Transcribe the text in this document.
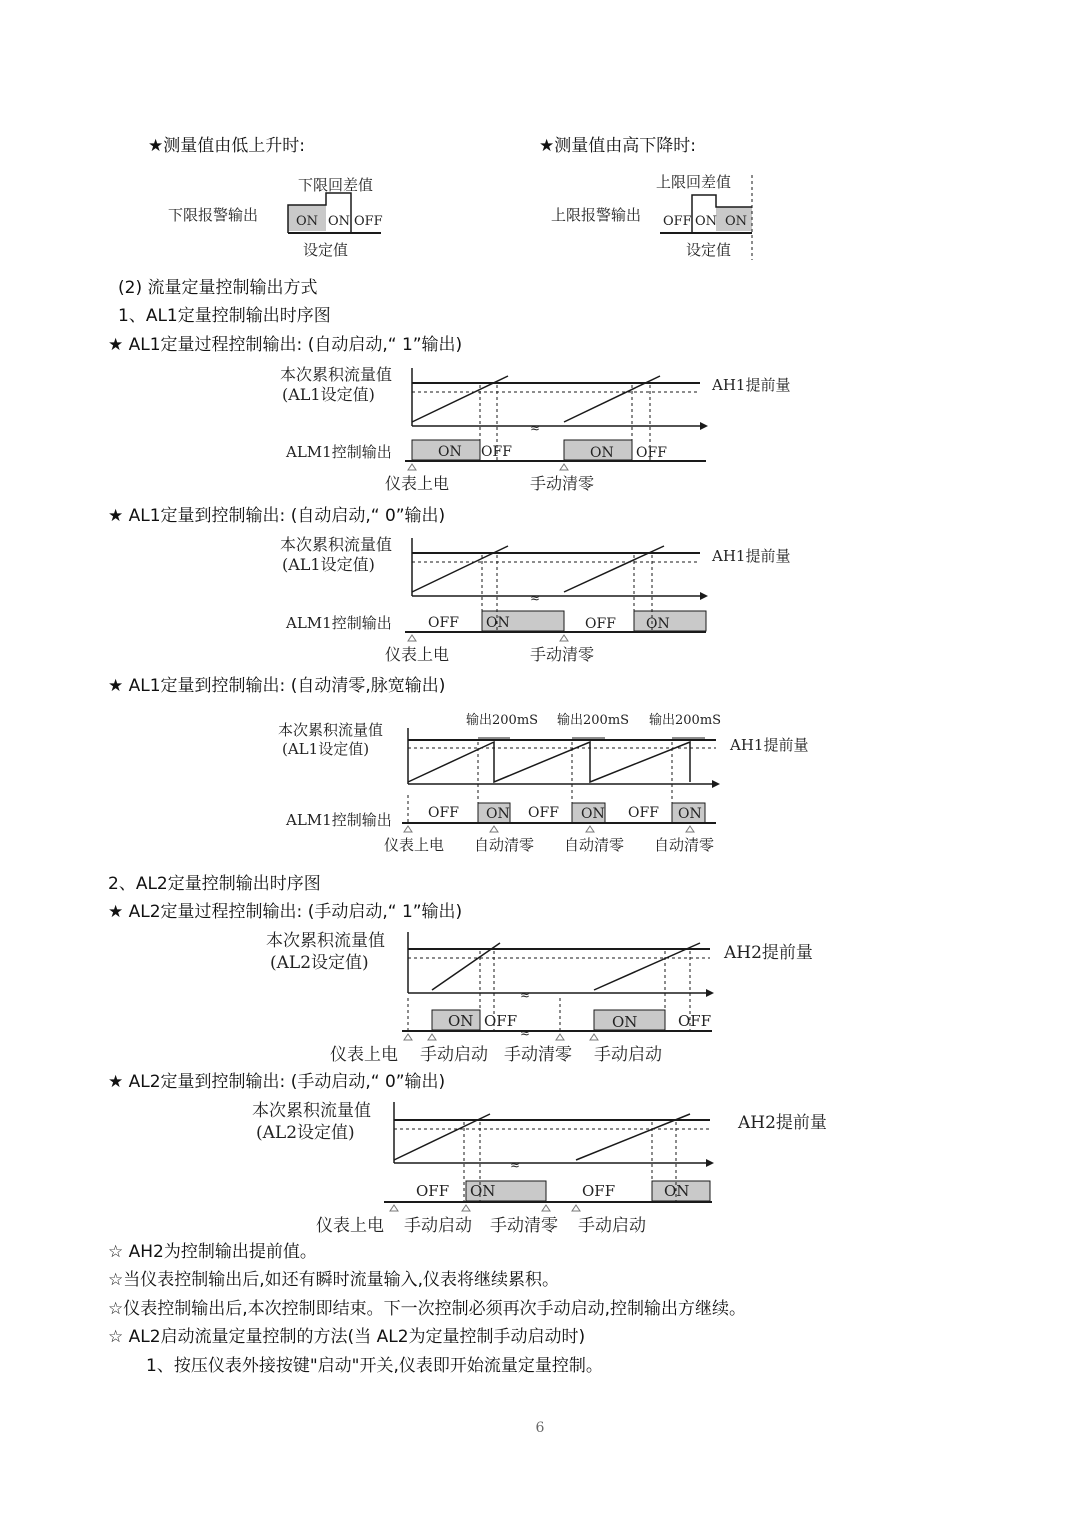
★测量值由低上升时:	★测量值由高下降时:
下限回差值
下限报警输出	ON ON OFF
设定值
上限回差值
上限报警输出 OFF ON ON
设定值
(2) 流量定量控制输出方式
1、AL1定量控制输出时序图
★ AL1定量过程控制输出: (自动启动,“ 1”输出)
本次累积流量值
(AL1设定值)	AH1提前量
ALM1控制输出	ON OFF	ON OFF
≈
仪表上电	手动清零
★ AL1定量到控制输出: (自动启动,“ 0”输出)
本次累积流量值
(AL1设定值)	AH1提前量
ALM1控制输出	OFF ON	OFF ON
≈
仪表上电	手动清零
★ AL1定量到控制输出: (自动清零,脉宽输出)
输出200mS 输出200mS 输出200mS
本次累积流量值
(AL1设定值)	AH1提前量
ALM1控制输出	OFF ON OFF ON OFF ON
仪表上电 自动清零 自动清零 自动清零
2、AL2定量控制输出时序图
★ AL2定量过程控制输出: (手动启动,“ 1”输出)
本次累积流量值
(AL2设定值)	AH2提前量
ON OFF	ON	OFF
≈
≈
仪表上电 手动启动 手动清零 手动启动
★ AL2定量到控制输出: (手动启动,“ 0”输出)
本次累积流量值
(AL2设定值)	AH2提前量
OFF ON	OFF	ON
≈
仪表上电 手动启动 手动清零 手动启动
☆ AH2为控制输出提前值。
☆当仪表控制输出后,如还有瞬时流量输入,仪表将继续累积。
☆仪表控制输出后,本次控制即结束。下一次控制必须再次手动启动,控制输出方继续。
☆ AL2启动流量定量控制的方法(当 AL2为定量控制手动启动时)
1、按压仪表外接按键"启动"开关,仪表即开始流量定量控制。
6
